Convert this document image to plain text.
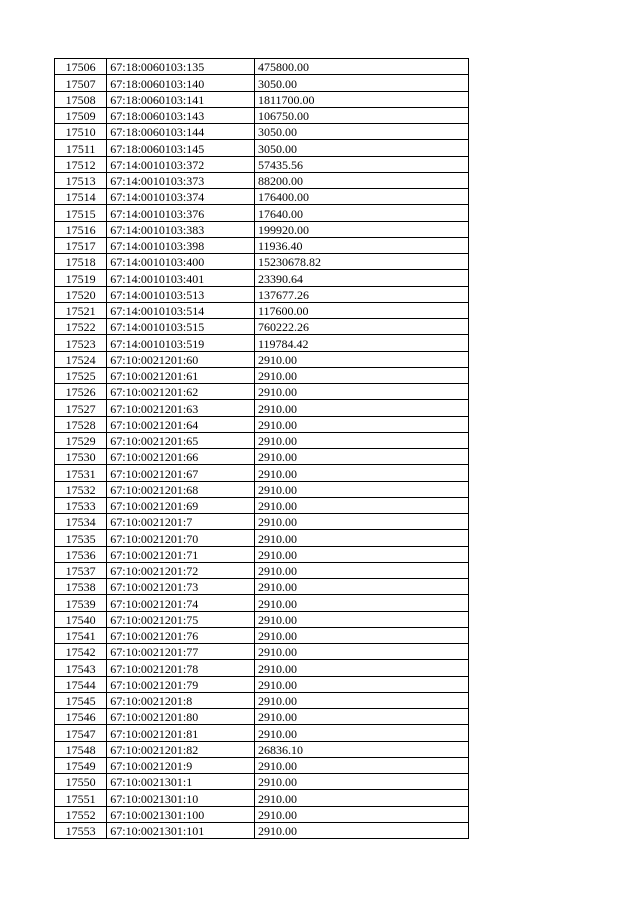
17506	67:18:0060103:135	475800.00
17507	67:18:0060103:140	3050.00
17508	67:18:0060103:141	1811700.00
17509	67:18:0060103:143	106750.00
17510	67:18:0060103:144	3050.00
17511	67:18:0060103:145	3050.00
17512	67:14:0010103:372	57435.56
17513	67:14:0010103:373	88200.00
17514	67:14:0010103:374	176400.00
17515	67:14:0010103:376	17640.00
17516	67:14:0010103:383	199920.00
17517	67:14:0010103:398	11936.40
17518	67:14:0010103:400	15230678.82
17519	67:14:0010103:401	23390.64
17520	67:14:0010103:513	137677.26
17521	67:14:0010103:514	117600.00
17522	67:14:0010103:515	760222.26
17523	67:14:0010103:519	119784.42
17524	67:10:0021201:60	2910.00
17525	67:10:0021201:61	2910.00
17526	67:10:0021201:62	2910.00
17527	67:10:0021201:63	2910.00
17528	67:10:0021201:64	2910.00
17529	67:10:0021201:65	2910.00
17530	67:10:0021201:66	2910.00
17531	67:10:0021201:67	2910.00
17532	67:10:0021201:68	2910.00
17533	67:10:0021201:69	2910.00
17534	67:10:0021201:7	2910.00
17535	67:10:0021201:70	2910.00
17536	67:10:0021201:71	2910.00
17537	67:10:0021201:72	2910.00
17538	67:10:0021201:73	2910.00
17539	67:10:0021201:74	2910.00
17540	67:10:0021201:75	2910.00
17541	67:10:0021201:76	2910.00
17542	67:10:0021201:77	2910.00
17543	67:10:0021201:78	2910.00
17544	67:10:0021201:79	2910.00
17545	67:10:0021201:8	2910.00
17546	67:10:0021201:80	2910.00
17547	67:10:0021201:81	2910.00
17548	67:10:0021201:82	26836.10
17549	67:10:0021201:9	2910.00
17550	67:10:0021301:1	2910.00
17551	67:10:0021301:10	2910.00
17552	67:10:0021301:100	2910.00
17553	67:10:0021301:101	2910.00
